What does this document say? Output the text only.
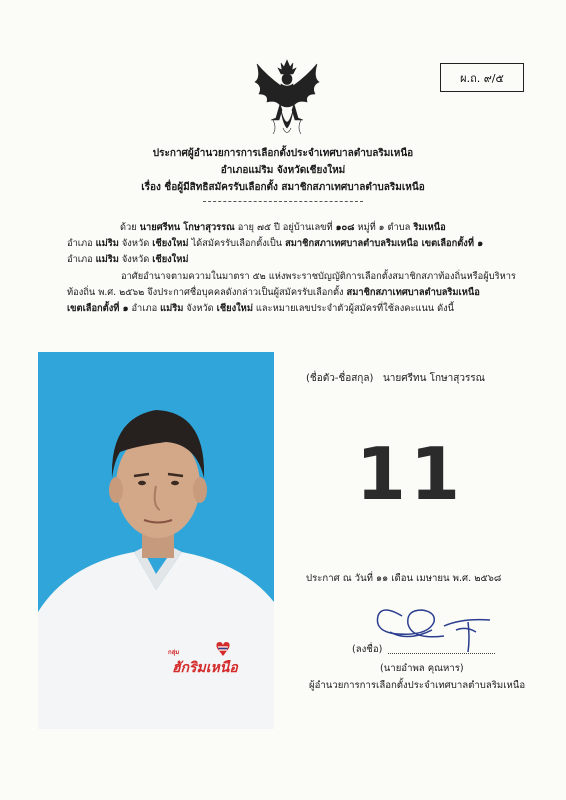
ผ.ถ. ๙/๕
ประกาศผู้อำนวยการการเลือกตั้งประจำเทศบาลตำบลริมเหนือ
อำเภอแม่ริม จังหวัดเชียงใหม่
เรื่อง ชื่อผู้มีสิทธิสมัครรับเลือกตั้ง สมาชิกสภาเทศบาลตำบลริมเหนือ
ด้วย นายศรีทน โกษาสุวรรณ อายุ ๗๕ ปี อยู่บ้านเลขที่ ๑๐๘ หมู่ที่ ๑ ตำบล ริมเหนือ
อำเภอ แม่ริม จังหวัด เชียงใหม่ ได้สมัครรับเลือกตั้งเป็น สมาชิกสภาเทศบาลตำบลริมเหนือ เขตเลือกตั้งที่ ๑
อำเภอ แม่ริม จังหวัด เชียงใหม่
อาศัยอำนาจตามความในมาตรา ๕๒ แห่งพระราชบัญญัติการเลือกตั้งสมาชิกสภาท้องถิ่นหรือผู้บริหาร
ท้องถิ่น พ.ศ. ๒๕๖๒ จึงประกาศชื่อบุคคลดังกล่าวเป็นผู้สมัครรับเลือกตั้ง สมาชิกสภาเทศบาลตำบลริมเหนือ
เขตเลือกตั้งที่ ๑ อำเภอ แม่ริม จังหวัด เชียงใหม่ และหมายเลขประจำตัวผู้สมัครที่ใช้ลงคะแนน ดังนี้
กลุ่ม
ฮักริมเหนือ
(ชื่อตัว-ชื่อสกุล) นายศรีทน โกษาสุวรรณ
11
ประกาศ ณ วันที่ ๑๑ เดือน เมษายน พ.ศ. ๒๕๖๘
(ลงชื่อ)
(นายอำพล คุณหาร)
ผู้อำนวยการการเลือกตั้งประจำเทศบาลตำบลริมเหนือ
